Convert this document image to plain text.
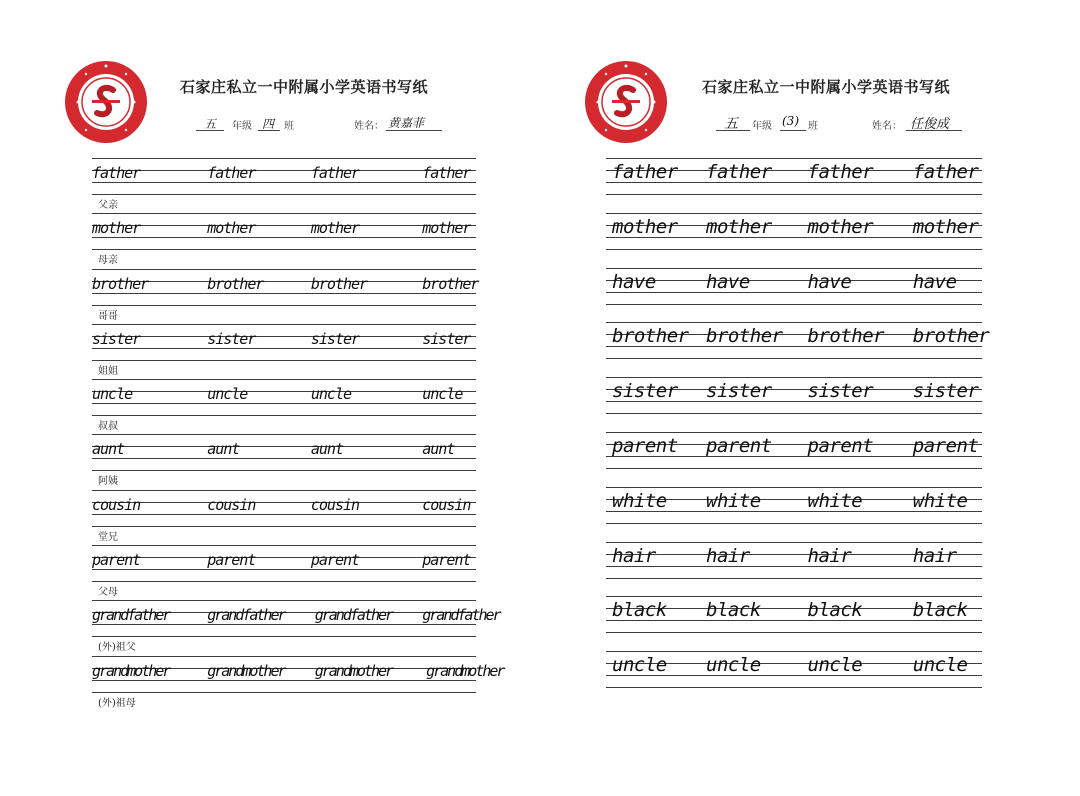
石家庄私立一中附属小学英语书写纸
五 年级 四 班	姓名： 黄嘉菲
father	father	father	father
父亲
mother	mother	mother	mother
母亲
brother	brother	brother	brother
哥哥
sister	sister	sister	sister
姐姐
uncle	uncle	uncle	uncle
叔叔
aunt	aunt	aunt	aunt
阿姨
cousin	cousin	cousin	cousin
堂兄
parent	parent	parent	parent
父母
grandfather	grandfather	grandfather	grandfather
(外)祖父
grandmother	grandmother	grandmother	grandmother
(外)祖母
石家庄私立一中附属小学英语书写纸
五 年级 (3) 班	姓名： 任俊成
father	father	father	father
mother	mother	mother	mother
have	have	have	have
brother brother	brother	brother
sister	sister	sister	sister
parent	parent	parent	parent
white	white	white	white
hair	hair	hair	hair
black	black	black	black
uncle	uncle	uncle	uncle
